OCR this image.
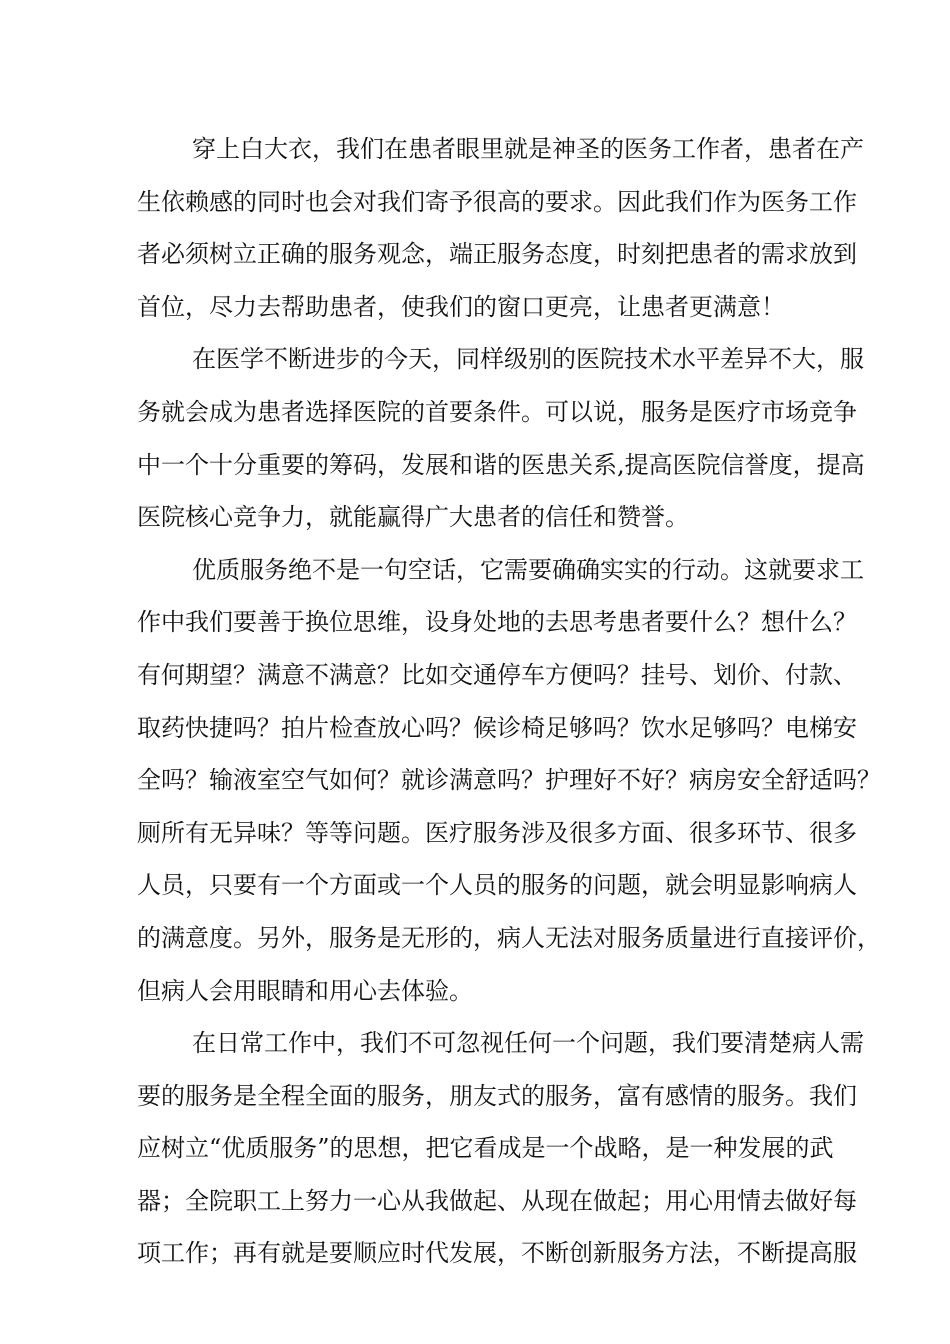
穿上白大衣，我们在患者眼里就是神圣的医务工作者，患者在产
生依赖感的同时也会对我们寄予很高的要求。因此我们作为医务工作
者必须树立正确的服务观念，端正服务态度，时刻把患者的需求放到
首位，尽力去帮助患者，使我们的窗口更亮，让患者更满意！
在医学不断进步的今天，同样级别的医院技术水平差异不大，服
务就会成为患者选择医院的首要条件。可以说，服务是医疗市场竞争
中一个十分重要的筹码，发展和谐的医患关系,提高医院信誉度，提高
医院核心竞争力，就能赢得广大患者的信任和赞誉。
优质服务绝不是一句空话，它需要确确实实的行动。这就要求工
作中我们要善于换位思维，设身处地的去思考患者要什么？想什么？
有何期望？满意不满意？比如交通停车方便吗？挂号、划价、付款、
取药快捷吗？拍片检查放心吗？候诊椅足够吗？饮水足够吗？电梯安
全吗？输液室空气如何？就诊满意吗？护理好不好？病房安全舒适吗？
厕所有无异味？等等问题。医疗服务涉及很多方面、很多环节、很多
人员，只要有一个方面或一个人员的服务的问题，就会明显影响病人
的满意度。另外，服务是无形的，病人无法对服务质量进行直接评价，
但病人会用眼睛和用心去体验。
在日常工作中，我们不可忽视任何一个问题，我们要清楚病人需
要的服务是全程全面的服务，朋友式的服务，富有感情的服务。我们
应树立“优质服务”的思想，把它看成是一个战略，是一种发展的武
器；全院职工上努力一心从我做起、从现在做起；用心用情去做好每
项工作；再有就是要顺应时代发展，不断创新服务方法，不断提高服
